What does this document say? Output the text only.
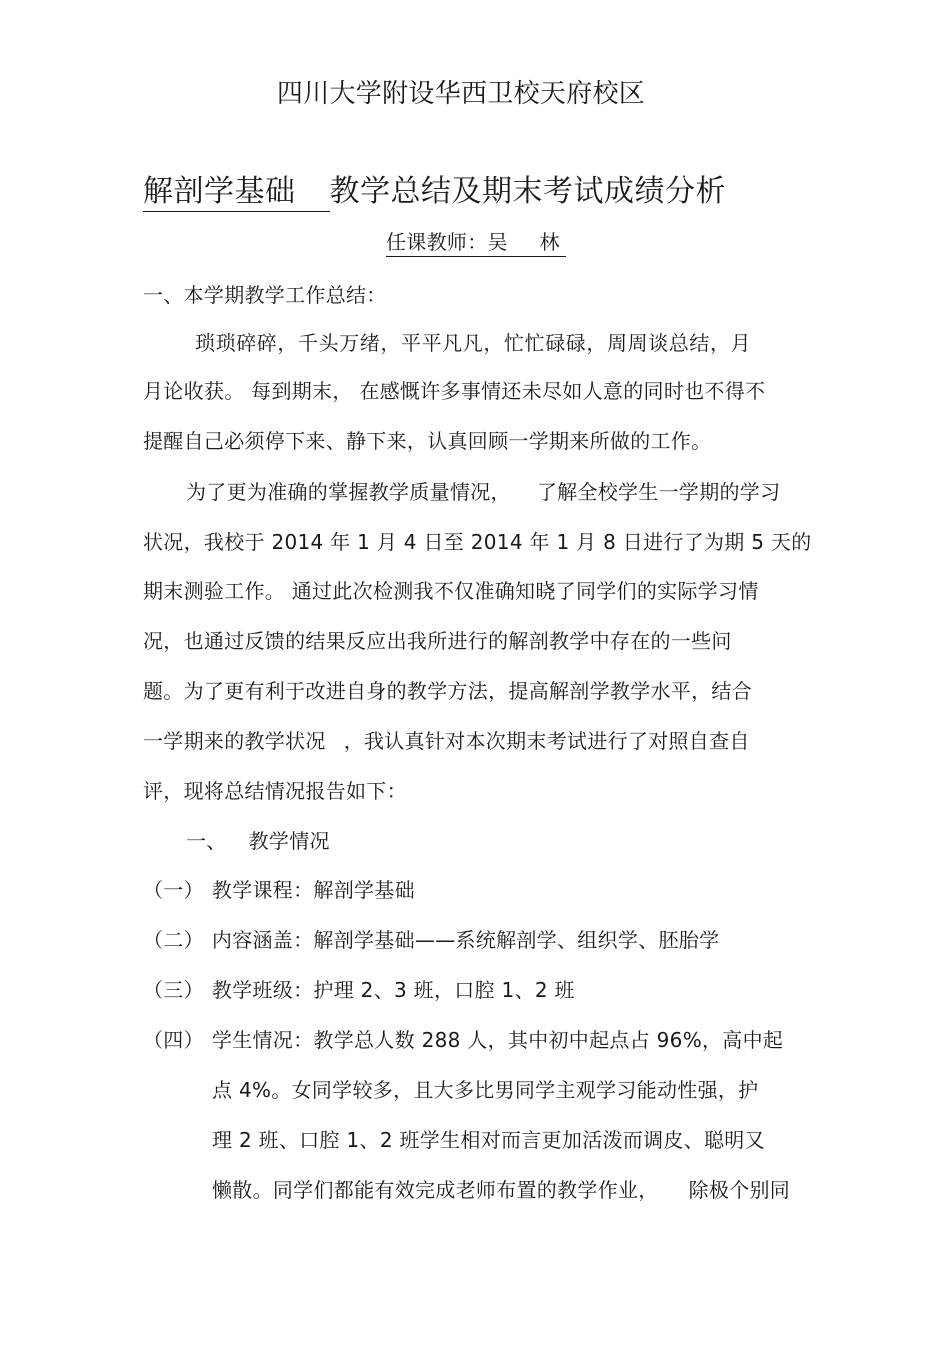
四川大学附设华西卫校天府校区
解剖学基础 教学总结及期末考试成绩分析
任课教师：吴 林
一、本学期教学工作总结：
琐琐碎碎，千头万绪，平平凡凡，忙忙碌碌，周周谈总结，月
月论收获。 每到期末， 在感慨许多事情还未尽如人意的同时也不得不
提醒自己必须停下来、静下来，认真回顾一学期来所做的工作。
为了更为准确的掌握教学质量情况， 了解全校学生一学期的学习
状况，我校于 2014 年 1 月 4 日至 2014 年 1 月 8 日进行了为期 5 天的
期末测验工作。 通过此次检测我不仅准确知晓了同学们的实际学习情
况，也通过反馈的结果反应出我所进行的解剖教学中存在的一些问
题。为了更有利于改进自身的教学方法，提高解剖学教学水平，结合
一学期来的教学状况 ，我认真针对本次期末考试进行了对照自查自
评，现将总结情况报告如下：
一、 教学情况
（一） 教学课程：解剖学基础
（二） 内容涵盖：解剖学基础——系统解剖学、组织学、胚胎学
（三） 教学班级：护理 2、3 班，口腔 1、2 班
（四） 学生情况：教学总人数 288 人，其中初中起点占 96%，高中起
点 4%。女同学较多，且大多比男同学主观学习能动性强，护
理 2 班、口腔 1、2 班学生相对而言更加活泼而调皮、聪明又
懒散。同学们都能有效完成老师布置的教学作业， 除极个别同
